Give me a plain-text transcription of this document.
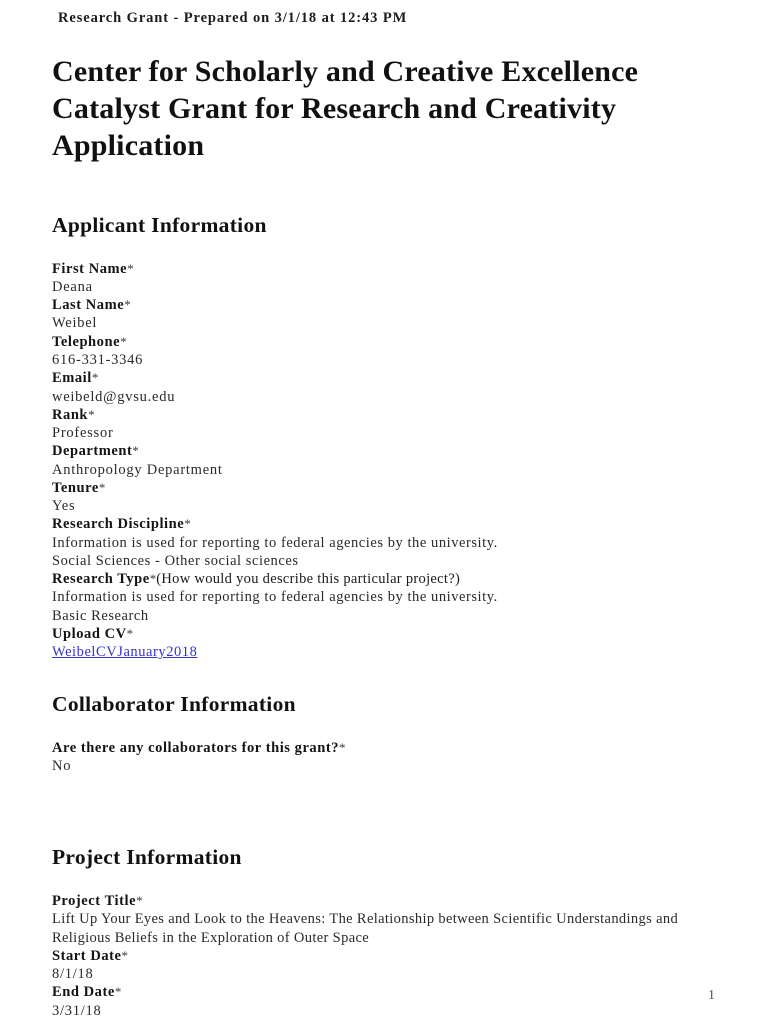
Research Grant - Prepared on 3/1/18 at 12:43 PM
Center for Scholarly and Creative Excellence Catalyst Grant for Research and Creativity Application
Applicant Information
First Name*
Deana
Last Name*
Weibel
Telephone*
616-331-3346
Email*
weibeld@gvsu.edu
Rank*
Professor
Department*
Anthropology Department
Tenure*
Yes
Research Discipline*
Information is used for reporting to federal agencies by the university.
Social Sciences - Other social sciences
Research Type*(How would you describe this particular project?)
Information is used for reporting to federal agencies by the university.
Basic Research
Upload CV*
WeibelCVJanuary2018
Collaborator Information
Are there any collaborators for this grant?*
No
Project Information
Project Title*
Lift Up Your Eyes and Look to the Heavens: The Relationship between Scientific Understandings and Religious Beliefs in the Exploration of Outer Space
Start Date*
8/1/18
End Date*
3/31/18
1
